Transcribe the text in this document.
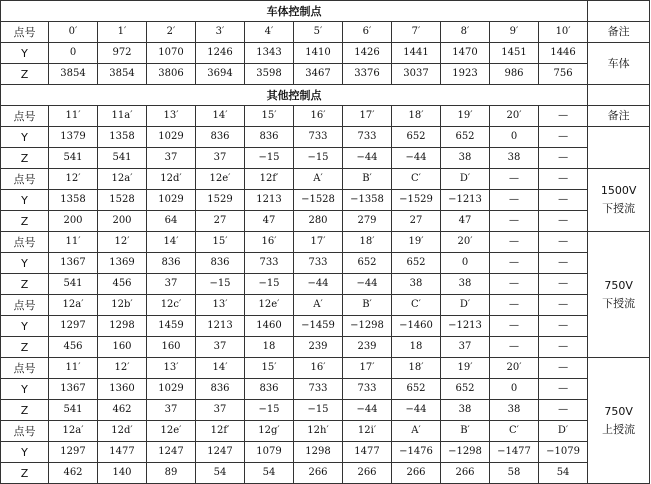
车体控制点												
点号	0′	1′	2′	3′	4′	5′	6′	7′	8′	9′	10′	备注
Y	0	972	1070	1246	1343	1410	1426	1441	1470	1451	1446	车体
Z	3854	3854	3806	3694	3598	3467	3376	3037	1923	986	756	
其他控制点												
点号	11′	11a′	13′	14′	15′	16′	17′	18′	19′	20′	—	备注
Y	1379	1358	1029	836	836	733	733	652	652	0	—	
Z	541	541	37	37	−15	−15	−44	−44	38	38	—	
点号	12′	12a′	12d′	12e′	12f′	A′	B′	C′	D′	—	—	1500V
下授流

Y	1358	1528	1029	1529	1213	−1528	−1358	−1529	−1213	—	—	
Z	200	200	64	27	47	280	279	27	47	—	—	
点号	11′	12′	14′	15′	16′	17′	18′	19′	20′	—	—	750V
下授流

Y	1367	1369	836	836	733	733	652	652	0	—	—	
Z	541	456	37	−15	−15	−44	−44	38	38	—	—	
点号	12a′	12b′	12c′	13′	12e′	A′	B′	C′	D′	—	—	
Y	1297	1298	1459	1213	1460	−1459	−1298	−1460	−1213	—	—	
Z	456	160	160	37	18	239	239	18	37	—	—	
点号	11′	12′	13′	14′	15′	16′	17′	18′	19′	20′	—	750V
上授流

Y	1367	1360	1029	836	836	733	733	652	652	0	—	
Z	541	462	37	37	−15	−15	−44	−44	38	38	—	
点号	12a′	12d′	12e′	12f′	12g′	12h′	12i′	A′	B′	C′	D′	
Y	1297	1477	1247	1247	1079	1298	1477	−1476	−1298	−1477	−1079	
Z	462	140	89	54	54	266	266	266	266	58	54	
